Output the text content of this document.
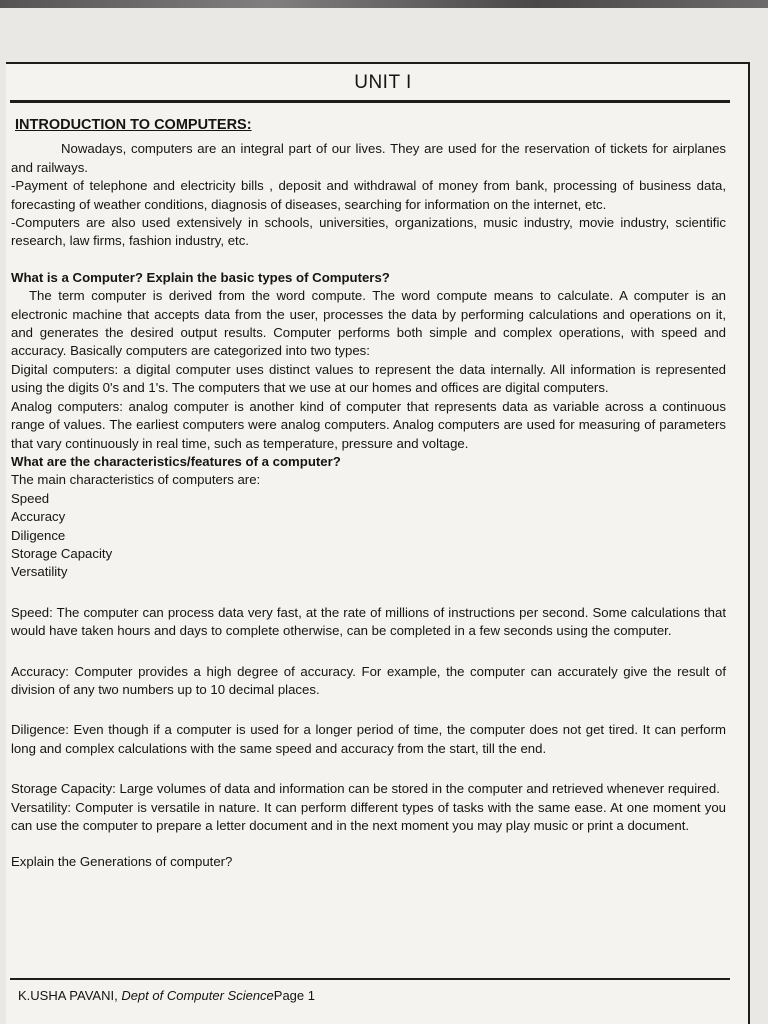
UNIT I

INTRODUCTION TO COMPUTERS:

Nowadays, computers are an integral part of our lives. They are used for the reservation of tickets for airplanes and railways.

-Payment of telephone and electricity bills , deposit and withdrawal of money from bank, processing of business data, forecasting of weather conditions, diagnosis of diseases, searching for information on the internet, etc.

-Computers are also used extensively in schools, universities, organizations, music industry, movie industry, scientific research, law firms, fashion industry, etc.

What is a Computer? Explain the basic types of Computers?

The term computer is derived from the word compute. The word compute means to calculate. A computer is an electronic machine that accepts data from the user, processes the data by performing calculations and operations on it, and generates the desired output results. Computer performs both simple and complex operations, with speed and accuracy. Basically computers are categorized into two types:

Digital computers: a digital computer uses distinct values to represent the data internally. All information is represented using the digits 0's and 1's. The computers that we use at our homes and offices are digital computers.

Analog computers: analog computer is another kind of computer that represents data as variable across a continuous range of values. The earliest computers were analog computers. Analog computers are used for measuring of parameters that vary continuously in real time, such as temperature, pressure and voltage.

What are the characteristics/features of a computer?

The main characteristics of computers are:

Speed

Accuracy

Diligence

Storage Capacity

Versatility

Speed: The computer can process data very fast, at the rate of millions of instructions per second. Some calculations that would have taken hours and days to complete otherwise, can be completed in a few seconds using the computer.

Accuracy: Computer provides a high degree of accuracy. For example, the computer can accurately give the result of division of any two numbers up to 10 decimal places.

Diligence: Even though if a computer is used for a longer period of time, the computer does not get tired. It can perform long and complex calculations with the same speed and accuracy from the start, till the end.

Storage Capacity: Large volumes of data and information can be stored in the computer and retrieved whenever required.

Versatility: Computer is versatile in nature. It can perform different types of tasks with the same ease. At one moment you can use the computer to prepare a letter document and in the next moment you may play music or print a document.

Explain the Generations of computer?

K.USHA PAVANI, Dept of Computer SciencePage 1
